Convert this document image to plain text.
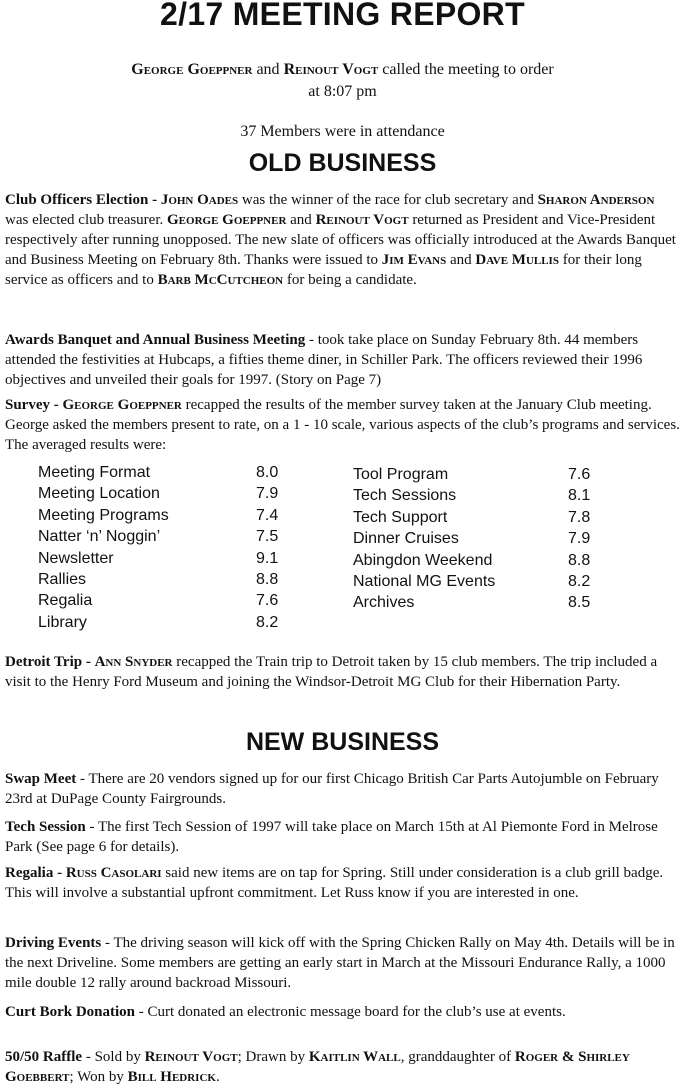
2/17 MEETING REPORT
George Goeppner and Reinout Vogt called the meeting to order
at 8:07 pm
37 Members were in attendance
OLD BUSINESS

Club Officers Election - John Oades was the winner of the race for club secretary and Sharon Anderson was elected club treasurer. George Goeppner and Reinout Vogt returned as President and Vice-President respectively after running unopposed. The new slate of officers was officially introduced at the Awards Banquet and Business Meeting on February 8th. Thanks were issued to Jim Evans and Dave Mullis for their long service as officers and to Barb McCutcheon for being a candidate.

Awards Banquet and Annual Business Meeting - took take place on Sunday February 8th. 44 members attended the festivities at Hubcaps, a fifties theme diner, in Schiller Park. The officers reviewed their 1996 objectives and unveiled their goals for 1997. (Story on Page 7)

Survey - George Goeppner recapped the results of the member survey taken at the January Club meeting. George asked the members present to rate, on a 1 - 10 scale, various aspects of the club’s programs and services. The averaged results were:

Meeting Format	8.0
Meeting Location	7.9
Meeting Programs	7.4
Natter ‘n’ Noggin’	7.5
Newsletter	9.1
Rallies	8.8
Regalia	7.6
Library	8.2
Tool Program	7.6
Tech Sessions	8.1
Tech Support	7.8
Dinner Cruises	7.9
Abingdon Weekend	8.8
National MG Events	8.2
Archives	8.5

Detroit Trip - Ann Snyder recapped the Train trip to Detroit taken by 15 club members. The trip included a visit to the Henry Ford Museum and joining the Windsor-Detroit MG Club for their Hibernation Party.

NEW BUSINESS

Swap Meet - There are 20 vendors signed up for our first Chicago British Car Parts Autojumble on February 23rd at DuPage County Fairgrounds.

Tech Session - The first Tech Session of 1997 will take place on March 15th at Al Piemonte Ford in Melrose Park (See page 6 for details).

Regalia - Russ Casolari said new items are on tap for Spring. Still under consideration is a club grill badge. This will involve a substantial upfront commitment. Let Russ know if you are interested in one.

Driving Events - The driving season will kick off with the Spring Chicken Rally on May 4th. Details will be in the next Driveline. Some members are getting an early start in March at the Missouri Endurance Rally, a 1000 mile double 12 rally around backroad Missouri.

Curt Bork Donation - Curt donated an electronic message board for the club’s use at events.

50/50 Raffle - Sold by Reinout Vogt; Drawn by Kaitlin Wall, granddaughter of Roger & Shirley Goebbert; Won by Bill Hedrick.
